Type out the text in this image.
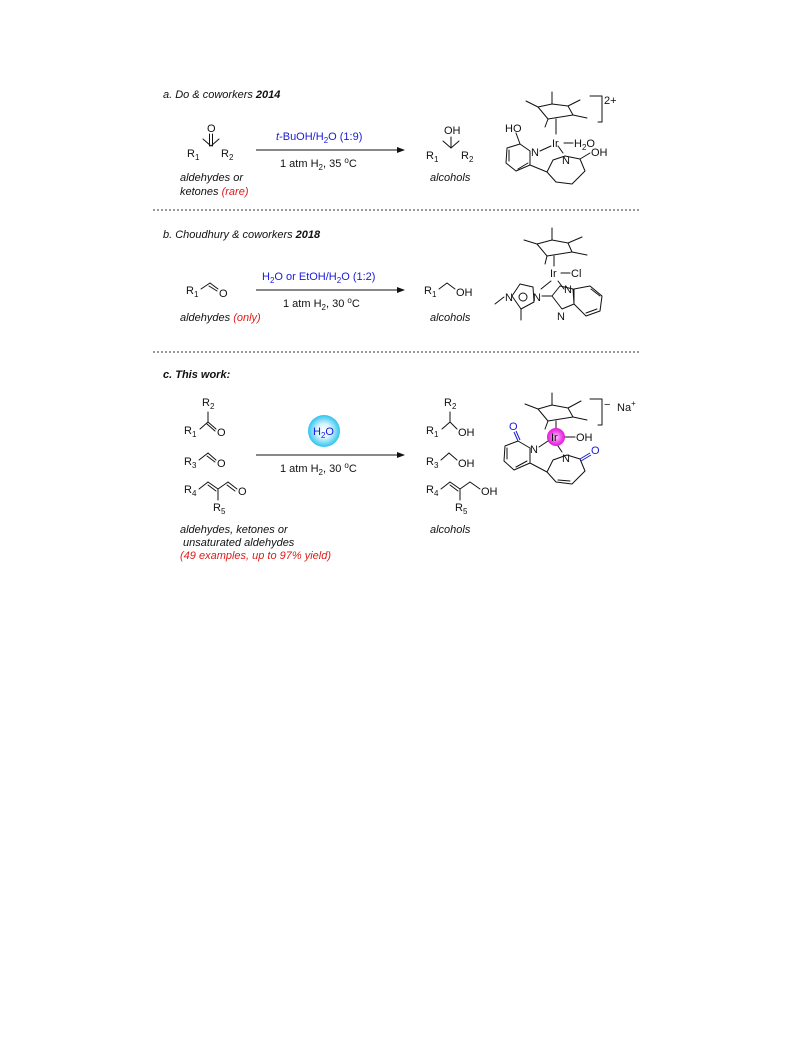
a. Do & coworkers 2014
O
$R_1$ $R_2$
aldehydes or
ketones (rare)
$t-BuOH/H_2O$ (1:9)
1 atm $H_2$, 35 $^o$C
OH
$R_1$ $R_2$
alcohols
2+
Ir $H_2O$
HO
N
N
OH
b. Choudhury & coworkers 2018
$R_1$ O
aldehydes (only)
$H_2O$ or EtOH/$H_2O$ (1:2)
1 atm $H_2$, 30 $^o$C
$R_1$ OH
alcohols
Ir Cl
N N
N
N
c. This work:
$R_2$
$R_1$ O
$R_3$ O
$R_4$	O
$R_5$
aldehydes, ketones or
unsaturated aldehydes
(49 examples, up to 97% yield)
$H_2O$
1 atm $H_2$, 30 $^o$C
$R_2$
$R_1$ OH
$R_3$ OH
$R_4$	OH
$R_5$
alcohols
− Na+
Ir OH
O
N
N
O
